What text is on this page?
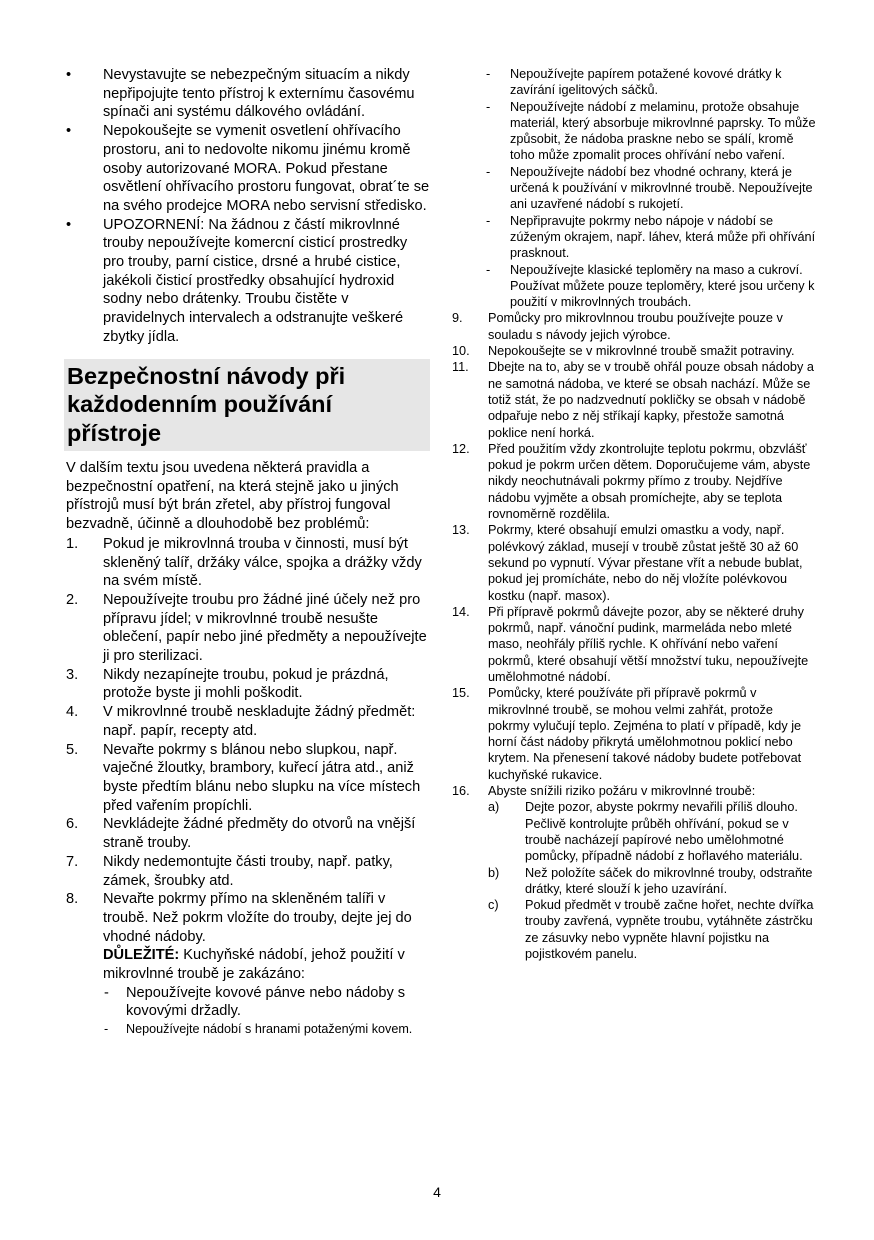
•	Nevystavujte se nebezpečným situacím a nikdy nepřipojujte tento přístroj k externímu časovému spínači ani systému dálkového ovládání.
•	Nepokoušejte se vymenit osvetlení ohřívacího prostoru, ani to nedovolte nikomu jinému kromě osoby autorizované MORA. Pokud přestane osvětlení ohřívacího prostoru fungovat, obrat´te se na svého prodejce MORA nebo servisní středisko.
•	UPOZORNENÍ: Na žádnou z částí mikrovlnné trouby nepoužívejte komercní cisticí prostredky pro trouby, parní cistice, drsné a hrubé cistice, jakékoli čisticí prostředky obsahující hydroxid sodny nebo drátenky. Troubu čistěte v pravidelnych intervalech a odstranujte veškeré zbytky jídla.
Bezpečnostní návody při každodenním používání přístroje
V dalším textu jsou uvedena některá pravidla a bezpečnostní opatření, na která stejně jako u jiných přístrojů musí být brán zřetel, aby přístroj fungoval bezvadně, účinně a dlouhodobě bez problémů:
1.	Pokud je mikrovlnná trouba v činnosti, musí být skleněný talíř, držáky válce, spojka a drážky vždy na svém místě.
2.	Nepoužívejte troubu pro žádné jiné účely než pro přípravu jídel; v mikrovlnné troubě nesušte oblečení, papír nebo jiné předměty a nepoužívejte ji pro sterilizaci.
3.	Nikdy nezapínejte troubu, pokud je prázdná, protože byste ji mohli poškodit.
4.	V mikrovlnné troubě neskladujte žádný předmět: např. papír, recepty atd.
5.	Nevařte pokrmy s blánou nebo slupkou, např. vaječné žloutky, brambory, kuřecí játra atd., aniž byste předtím blánu nebo slupku na více místech před vařením propíchli.
6.	Nevkládejte žádné předměty do otvorů na vnější straně trouby.
7.	Nikdy nedemontujte části trouby, např. patky, zámek, šroubky atd.
8.	Nevařte pokrmy přímo na skleněném talíři v troubě. Než pokrm vložíte do trouby, dejte jej do vhodné nádoby.
DŮLEŽITÉ: Kuchyňské nádobí, jehož použití v mikrovlnné troubě je zakázáno:
-	Nepoužívejte kovové pánve nebo nádoby s kovovými držadly.
-	Nepoužívejte nádobí s hranami potaženými kovem.
-	Nepoužívejte papírem potažené kovové drátky k zavírání igelitových sáčků.
-	Nepoužívejte nádobí z melaminu, protože obsahuje materiál, který absorbuje mikrovlnné paprsky. To může způsobit, že nádoba praskne nebo se spálí, kromě toho může zpomalit proces ohřívání nebo vaření.
-	Nepoužívejte nádobí bez vhodné ochrany, která je určená k používání v mikrovlnné troubě. Nepoužívejte ani uzavřené nádobí s rukojetí.
-	Nepřipravujte pokrmy nebo nápoje v nádobí se zúženým okrajem, např. láhev, která může při ohřívání prasknout.
-	Nepoužívejte klasické teploměry na maso a cukroví. Používat můžete pouze teploměry, které jsou určeny k použití v mikrovlnných troubách.
9.	Pomůcky pro mikrovlnnou troubu používejte pouze v souladu s návody jejich výrobce.
10.	Nepokoušejte se v mikrovlnné troubě smažit potraviny.
11.	Dbejte na to, aby se v troubě ohřál pouze obsah nádoby a ne samotná nádoba, ve které se obsah nachází. Může se totiž stát, že po nadzvednutí pokličky se obsah v nádobě odpařuje nebo z něj stříkají kapky, přestože samotná poklice není horká.
12.	Před použitím vždy zkontrolujte teplotu pokrmu, obzvlášť pokud je pokrm určen dětem. Doporučujeme vám, abyste nikdy neochutnávali pokrmy přímo z trouby. Nejdříve nádobu vyjměte a obsah promíchejte, aby se teplota rovnoměrně rozdělila.
13.	Pokrmy, které obsahují emulzi omastku a vody, např. polévkový základ, musejí v troubě zůstat ještě 30 až 60 sekund po vypnutí. Vývar přestane vřít a nebude bublat, pokud jej promícháte, nebo do něj vložíte polévkovou kostku (např. masox).
14.	Při přípravě pokrmů dávejte pozor, aby se některé druhy pokrmů, např. vánoční pudink, marmeláda nebo mleté maso, neohřály příliš rychle. K ohřívání nebo vaření pokrmů, které obsahují větší množství tuku, nepoužívejte umělohmotné nádobí.
15.	Pomůcky, které používáte při přípravě pokrmů v mikrovlnné troubě, se mohou velmi zahřát, protože pokrmy vylučují teplo. Zejména to platí v případě, kdy je horní část nádoby přikrytá umělohmotnou poklicí nebo krytem. Na přenesení takové nádoby budete potřebovat kuchyňské rukavice.
16.	Abyste snížili riziko požáru v mikrovlnné troubě:
a)	Dejte pozor, abyste pokrmy nevařili příliš dlouho. Pečlivě kontrolujte průběh ohřívání, pokud se v troubě nacházejí papírové nebo umělohmotné pomůcky, případně nádobí z hořlavého materiálu.
b)	Než položíte sáček do mikrovlnné trouby, odstraňte drátky, které slouží k jeho uzavírání.
c)	Pokud předmět v troubě začne hořet, nechte dvířka trouby zavřená, vypněte troubu, vytáhněte zástrčku ze zásuvky nebo vypněte hlavní pojistku na pojistkovém panelu.
4
